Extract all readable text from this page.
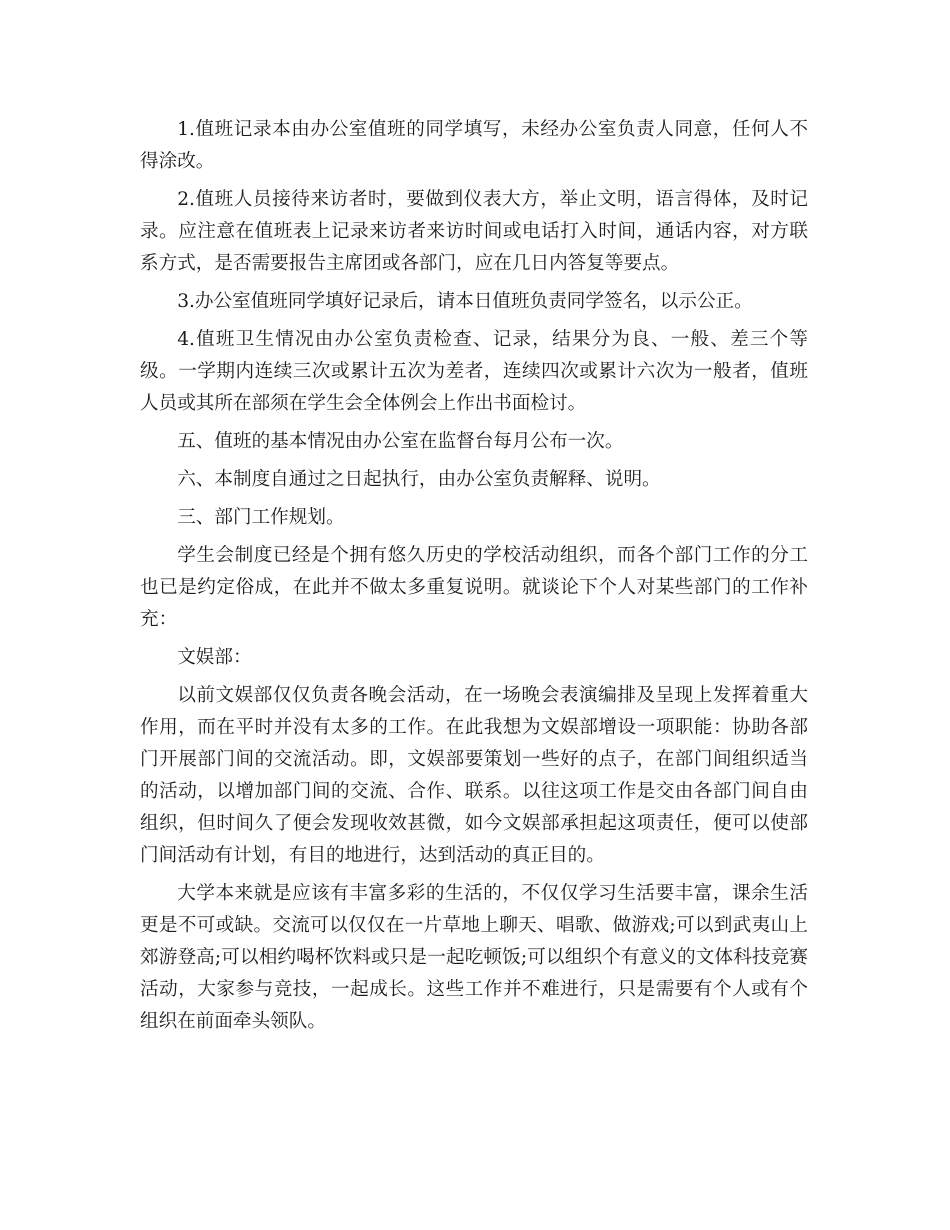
1.值班记录本由办公室值班的同学填写，未经办公室负责人同意，任何人不得涂改。

2.值班人员接待来访者时，要做到仪表大方，举止文明，语言得体，及时记录。应注意在值班表上记录来访者来访时间或电话打入时间，通话内容，对方联系方式，是否需要报告主席团或各部门，应在几日内答复等要点。

3.办公室值班同学填好记录后，请本日值班负责同学签名，以示公正。

4.值班卫生情况由办公室负责检查、记录，结果分为良、一般、差三个等级。一学期内连续三次或累计五次为差者，连续四次或累计六次为一般者，值班人员或其所在部须在学生会全体例会上作出书面检讨。

五、值班的基本情况由办公室在监督台每月公布一次。

六、本制度自通过之日起执行，由办公室负责解释、说明。

三、部门工作规划。

学生会制度已经是个拥有悠久历史的学校活动组织，而各个部门工作的分工也已是约定俗成，在此并不做太多重复说明。就谈论下个人对某些部门的工作补充：

文娱部：

以前文娱部仅仅负责各晚会活动，在一场晚会表演编排及呈现上发挥着重大作用，而在平时并没有太多的工作。在此我想为文娱部增设一项职能：协助各部门开展部门间的交流活动。即，文娱部要策划一些好的点子，在部门间组织适当的活动，以增加部门间的交流、合作、联系。以往这项工作是交由各部门间自由组织，但时间久了便会发现收效甚微，如今文娱部承担起这项责任，便可以使部门间活动有计划，有目的地进行，达到活动的真正目的。

大学本来就是应该有丰富多彩的生活的，不仅仅学习生活要丰富，课余生活更是不可或缺。交流可以仅仅在一片草地上聊天、唱歌、做游戏;可以到武夷山上郊游登高;可以相约喝杯饮料或只是一起吃顿饭;可以组织个有意义的文体科技竞赛活动，大家参与竞技，一起成长。这些工作并不难进行，只是需要有个人或有个组织在前面牵头领队。
